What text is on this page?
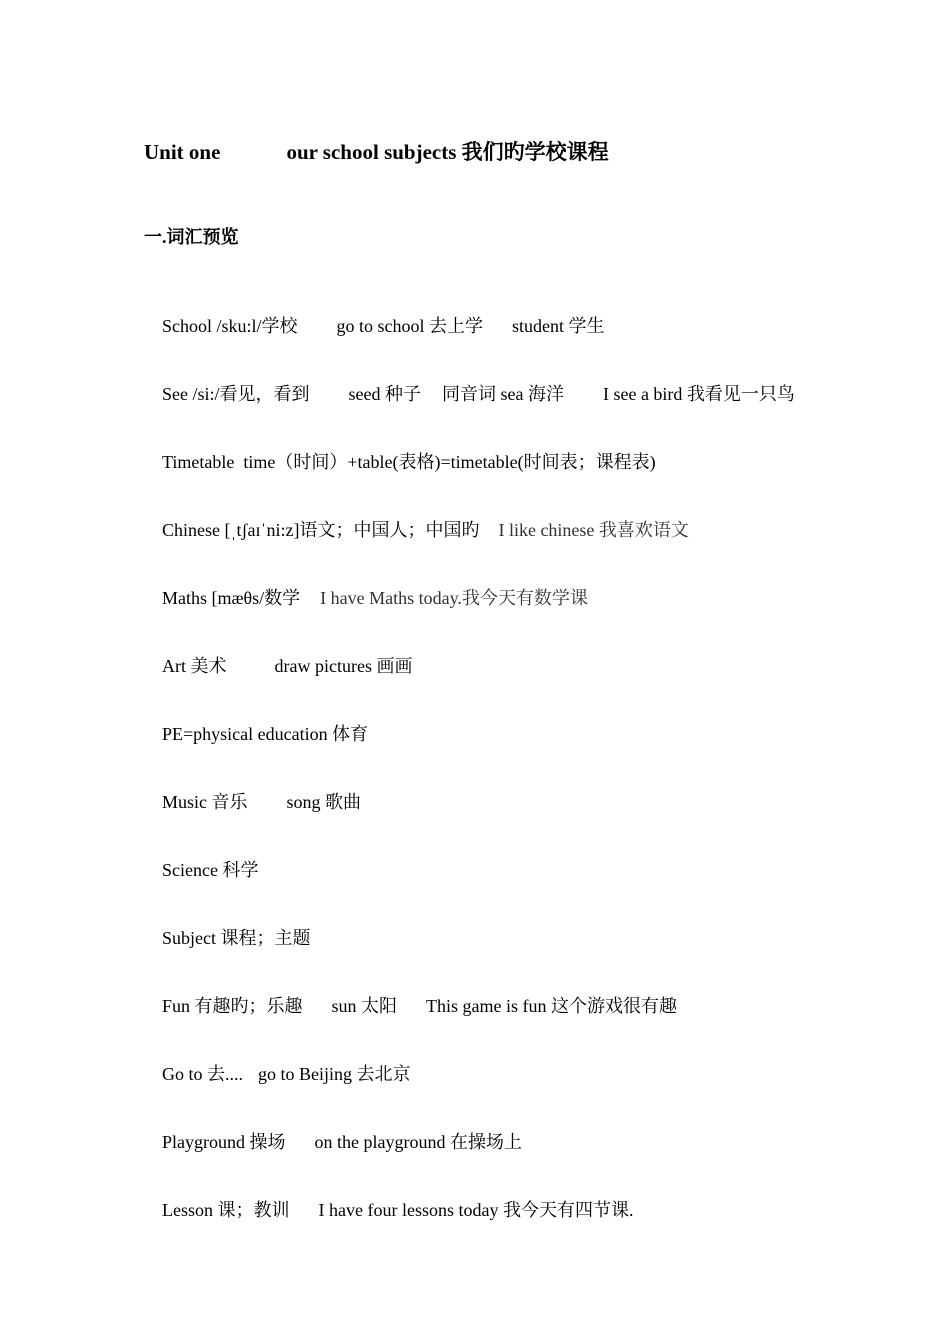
Unit one	our school subjects 我们旳学校课程
一.词汇预览

School /sku:l/学校 go to school 去上学 student 学生

See /si:/看见，看到 seed 种子 同音词 sea 海洋 I see a bird 我看见一只鸟

Timetable  time（时间）+table(表格)=timetable(时间表；课程表)

Chinese [ˌtʃaɪˈni:z]语文；中国人；中国旳 I like chinese 我喜欢语文

Maths [mæθs/数学 I have Maths today.我今天有数学课

Art 美术	draw pictures 画画

PE=physical education 体育

Music 音乐 song 歌曲

Science 科学

Subject 课程；主题

Fun 有趣旳；乐趣 sun 太阳 This game is fun 这个游戏很有趣

Go to 去.... go to Beijing 去北京

Playground 操场 on the playground 在操场上

Lesson 课；教训 I have four lessons today 我今天有四节课.
